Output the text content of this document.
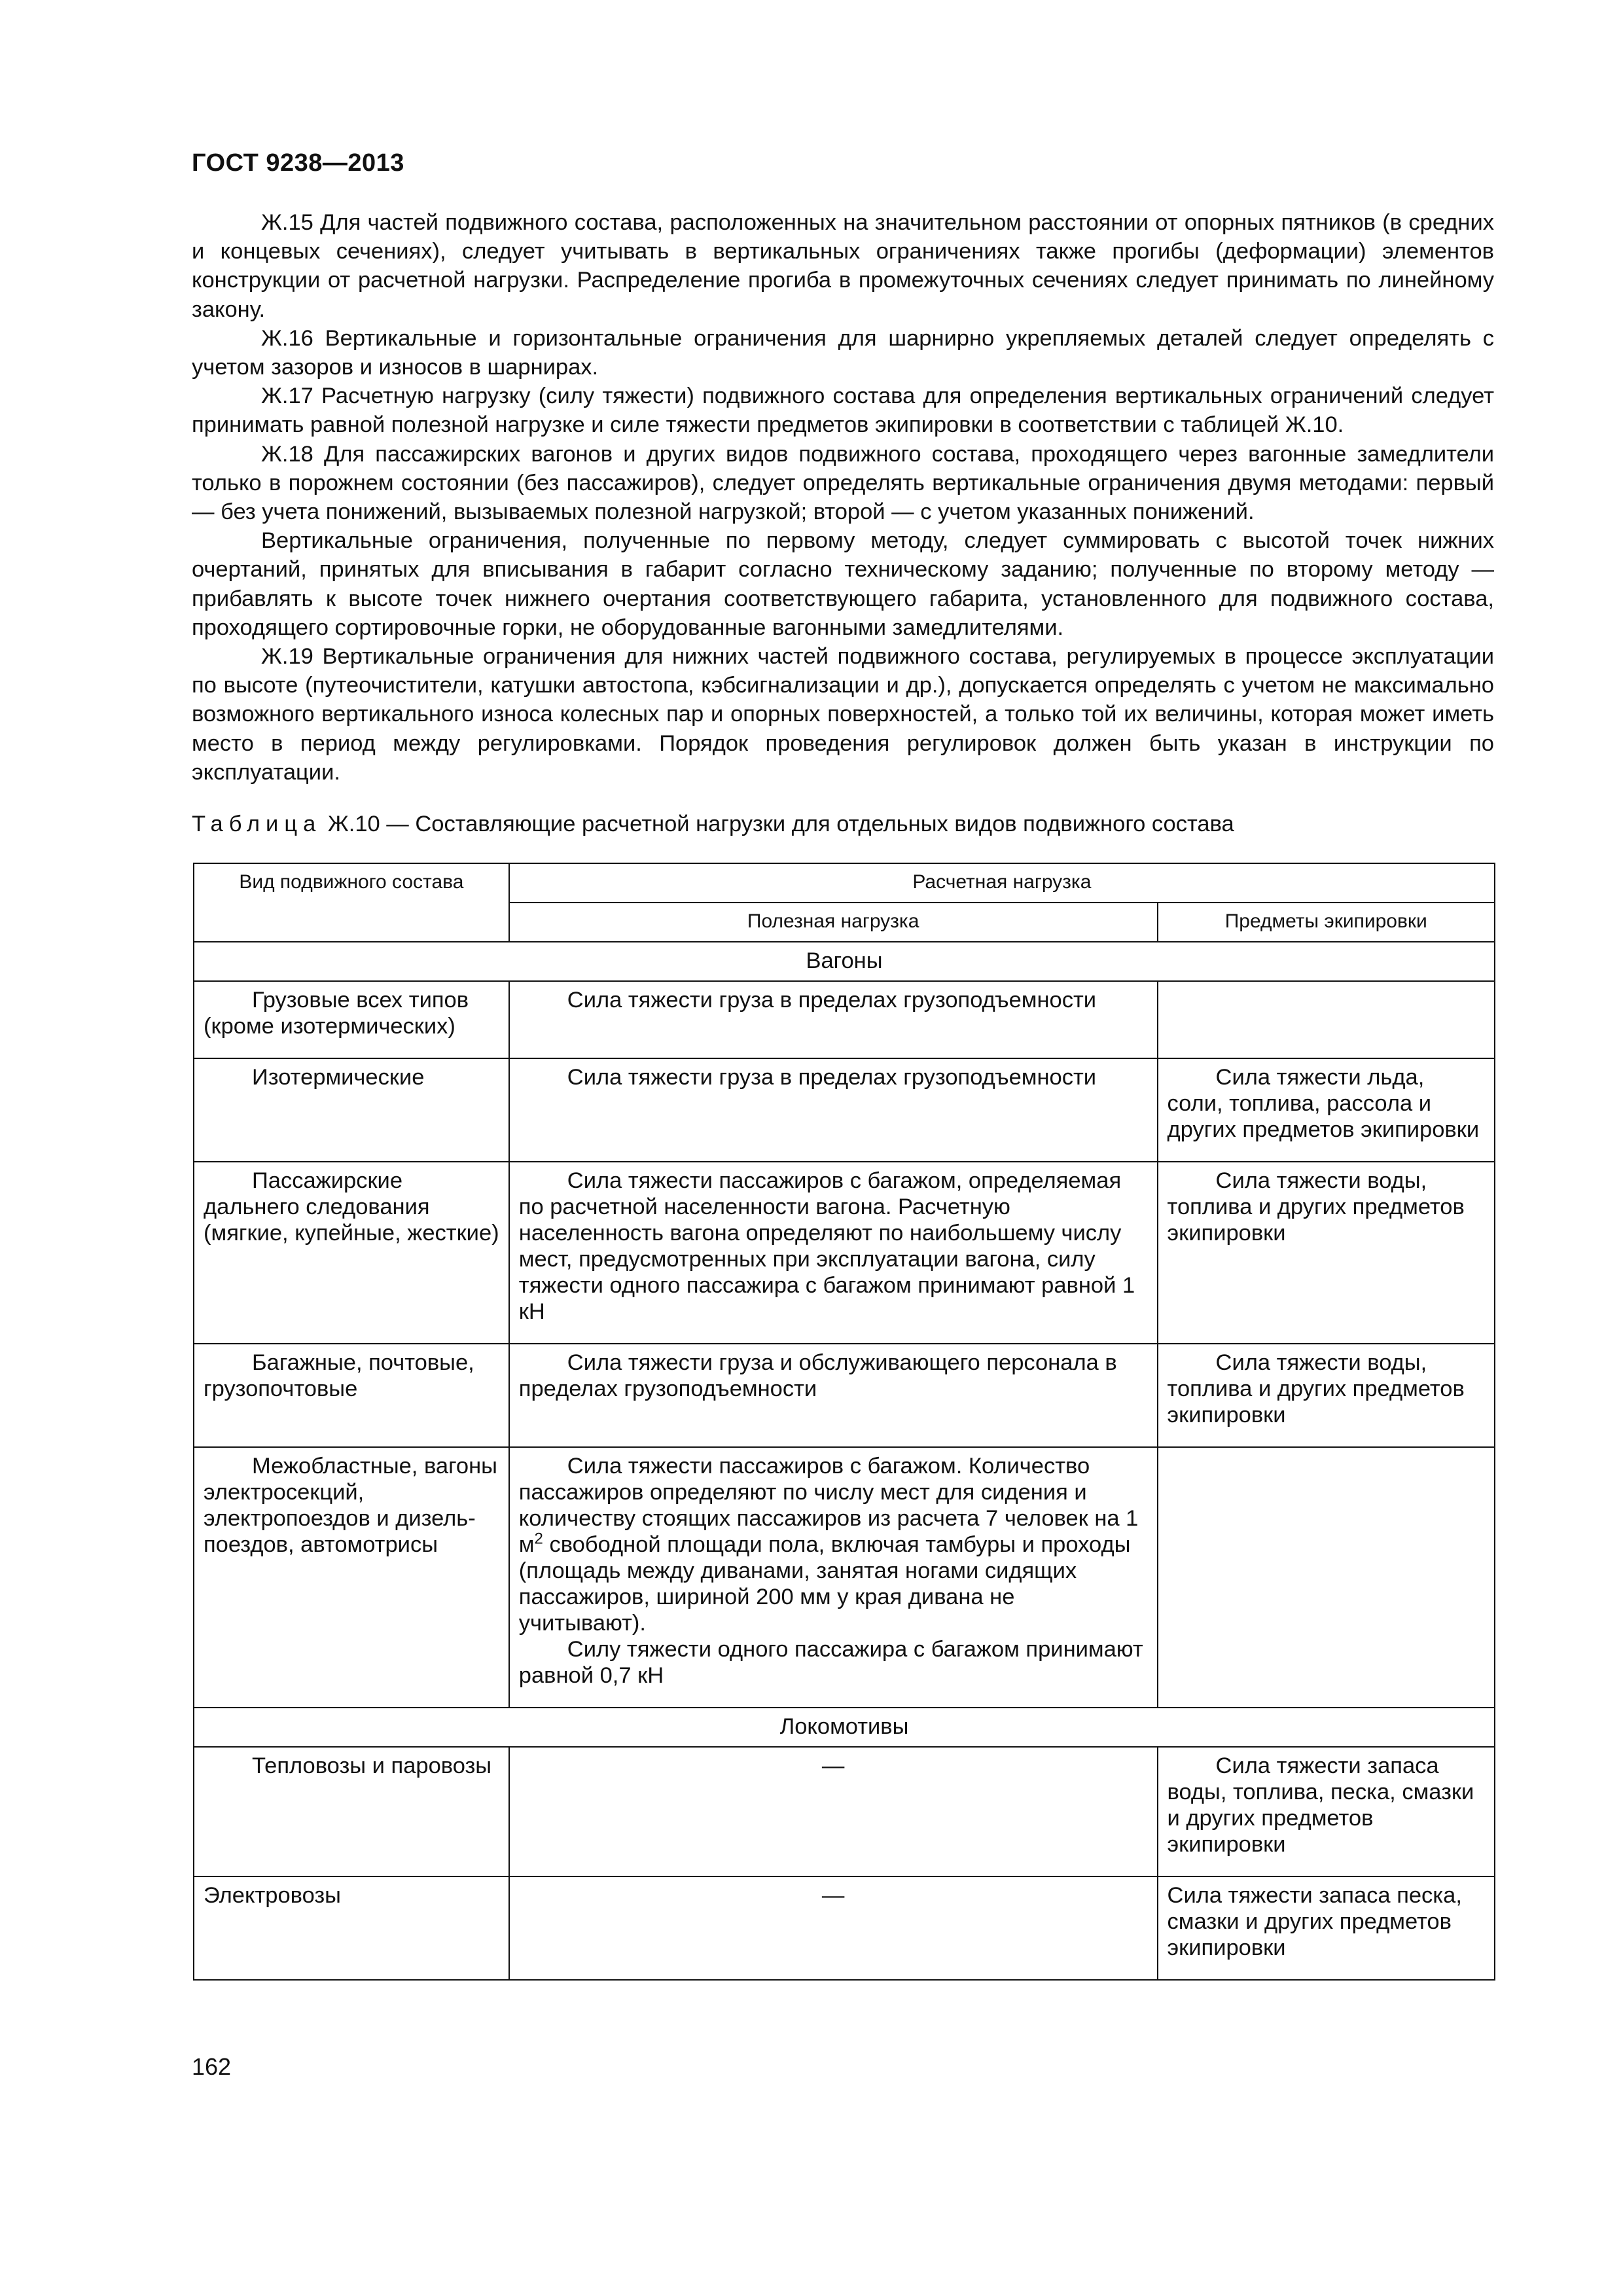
ГОСТ 9238—2013

Ж.15 Для частей подвижного состава, расположенных на значительном расстоянии от опорных пятников (в средних и концевых сечениях), следует учитывать в вертикальных ограничениях также прогибы (деформации) элементов конструкции от расчетной нагрузки. Распределение прогиба в промежуточных сечениях следует принимать по линейному закону.

Ж.16 Вертикальные и горизонтальные ограничения для шарнирно укрепляемых деталей следует определять с учетом зазоров и износов в шарнирах.

Ж.17 Расчетную нагрузку (силу тяжести) подвижного состава для определения вертикальных ограничений следует принимать равной полезной нагрузке и силе тяжести предметов экипировки в соответствии с таблицей Ж.10.

Ж.18 Для пассажирских вагонов и других видов подвижного состава, проходящего через вагонные замедлители только в порожнем состоянии (без пассажиров), следует определять вертикальные ограничения двумя методами: первый — без учета понижений, вызываемых полезной нагрузкой; второй — с учетом указанных понижений.

Вертикальные ограничения, полученные по первому методу, следует суммировать с высотой точек нижних очертаний, принятых для вписывания в габарит согласно техническому заданию; полученные по второму методу — прибавлять к высоте точек нижнего очертания соответствующего габарита, установленного для подвижного состава, проходящего сортировочные горки, не оборудованные вагонными замедлителями.

Ж.19 Вертикальные ограничения для нижних частей подвижного состава, регулируемых в процессе эксплуатации по высоте (путеочистители, катушки автостопа, кэбсигнализации и др.), допускается определять с учетом не максимально возможного вертикального износа колесных пар и опорных поверхностей, а только той их величины, которая может иметь место в период между регулировками. Порядок проведения регулировок должен быть указан в инструкции по эксплуатации.

Таблица Ж.10 — Составляющие расчетной нагрузки для отдельных видов подвижного состава
Вид подвижного состава	Расчетная нагрузка	
	Полезная нагрузка	Предметы экипировки
Вагоны		
Грузовые всех типов (кроме изотермических)	Сила тяжести груза в пределах грузоподъемности	
Изотермические	Сила тяжести груза в пределах грузоподъемности	Сила тяжести льда, соли, топлива, рассола и других предметов экипировки
Пассажирские дальнего следования (мягкие, купейные, жесткие)	Сила тяжести пассажиров с багажом, определяемая по расчетной населенности вагона. Расчетную населенность вагона определяют по наибольшему числу мест, предусмотренных при эксплуатации вагона, силу тяжести одного пассажира с багажом принимают равной 1 кН	Сила тяжести воды, топлива и других предметов экипировки
Багажные, почтовые, грузопочтовые	Сила тяжести груза и обслуживающего персонала в пределах грузоподъемности	Сила тяжести воды, топлива и других предметов экипировки
Межобластные, вагоны электросекций, электропоездов и дизель-поездов, автомотрисы	Сила тяжести пассажиров с багажом. Количество пассажиров определяют по числу мест для сидения и количеству стоящих пассажиров из расчета 7 человек на 1 $м^2$ свободной площади пола, включая тамбуры и проходы (площадь между диванами, занятая ногами сидящих пассажиров, шириной 200 мм у края дивана не учитывают).
Силу тяжести одного пассажира с багажом принимают равной 0,7 кН	

Локомотивы		
Тепловозы и паровозы	—	Сила тяжести запаса воды, топлива, песка, смазки и других предметов экипировки
Электровозы	—	Сила тяжести запаса песка, смазки и других предметов экипировки
162
